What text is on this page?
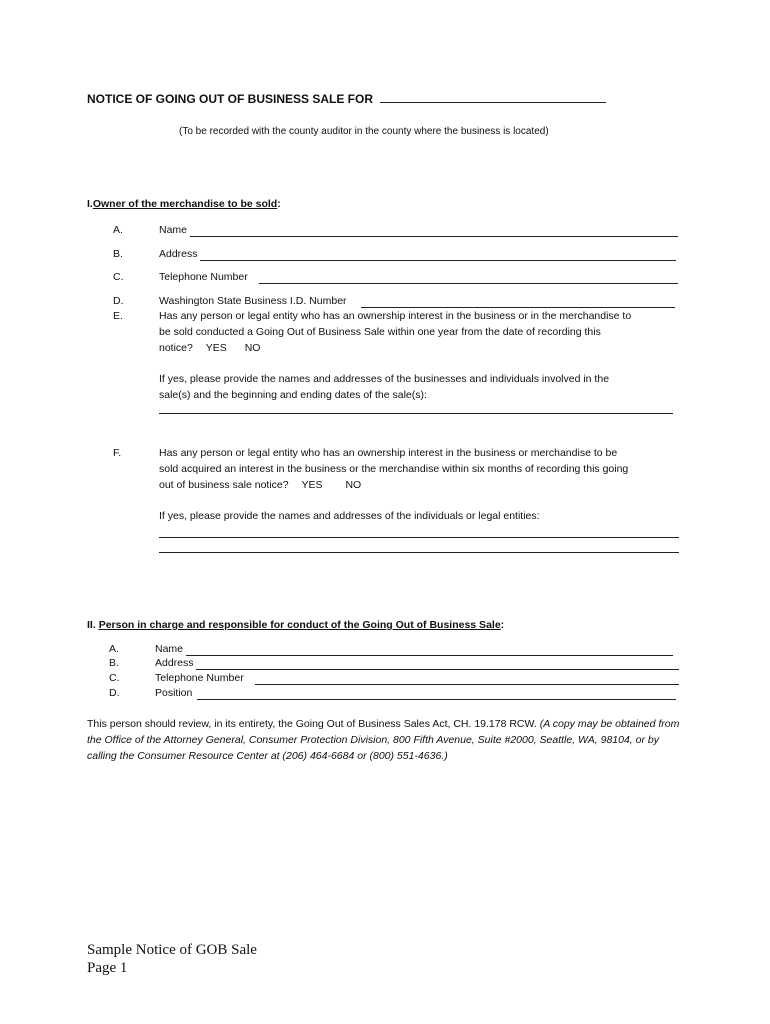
NOTICE OF GOING OUT OF BUSINESS SALE FOR
(To be recorded with the county auditor in the county where the business is located)
I.Owner of the merchandise to be sold:
A.	Name
B.	Address
C.	Telephone Number
D.	Washington State Business I.D. Number
E.	Has any person or legal entity who has an ownership interest in the business or in the merchandise to
be sold conducted a Going Out of Business Sale within one year from the date of recording this
notice? YES NO
If yes, please provide the names and addresses of the businesses and individuals involved in the
sale(s) and the beginning and ending dates of the sale(s):
F.	Has any person or legal entity who has an ownership interest in the business or merchandise to be
sold acquired an interest in the business or the merchandise within six months of recording this going
out of business sale notice? YES NO
If yes, please provide the names and addresses of the individuals or legal entities:
II. Person in charge and responsible for conduct of the Going Out of Business Sale:
A.	Name
B.	Address
C.	Telephone Number
D.	Position
This person should review, in its entirety, the Going Out of Business Sales Act, CH. 19.178 RCW. (A copy may be obtained from the Office of the Attorney General, Consumer Protection Division, 800 Fifth Avenue, Suite #2000, Seattle, WA, 98104, or by calling the Consumer Resource Center at (206) 464-6684 or (800) 551-4636.)
Sample Notice of GOB Sale
Page 1
